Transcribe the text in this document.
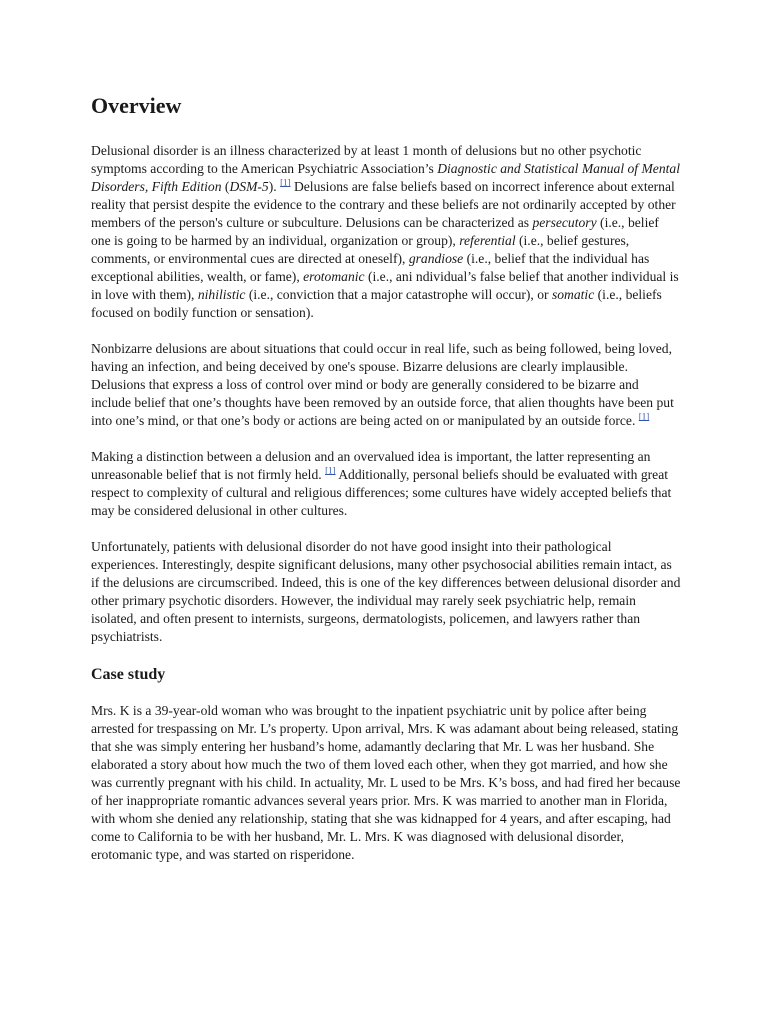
Overview

Delusional disorder is an illness characterized by at least 1 month of delusions but no other psychotic symptoms according to the American Psychiatric Association’s Diagnostic and Statistical Manual of Mental Disorders, Fifth Edition (DSM-5). [1] Delusions are false beliefs based on incorrect inference about external reality that persist despite the evidence to the contrary and these beliefs are not ordinarily accepted by other members of the person's culture or subculture. Delusions can be characterized as persecutory (i.e., belief one is going to be harmed by an individual, organization or group), referential (i.e., belief gestures, comments, or environmental cues are directed at oneself), grandiose (i.e., belief that the individual has exceptional abilities, wealth, or fame), erotomanic (i.e., ani ndividual’s false belief that another individual is in love with them), nihilistic (i.e., conviction that a major catastrophe will occur), or somatic (i.e., beliefs focused on bodily function or sensation).

Nonbizarre delusions are about situations that could occur in real life, such as being followed, being loved, having an infection, and being deceived by one's spouse. Bizarre delusions are clearly implausible. Delusions that express a loss of control over mind or body are generally considered to be bizarre and include belief that one’s thoughts have been removed by an outside force, that alien thoughts have been put into one’s mind, or that one’s body or actions are being acted on or manipulated by an outside force. [1]

Making a distinction between a delusion and an overvalued idea is important, the latter representing an unreasonable belief that is not firmly held. [1] Additionally, personal beliefs should be evaluated with great respect to complexity of cultural and religious differences; some cultures have widely accepted beliefs that may be considered delusional in other cultures.

Unfortunately, patients with delusional disorder do not have good insight into their pathological experiences. Interestingly, despite significant delusions, many other psychosocial abilities remain intact, as if the delusions are circumscribed. Indeed, this is one of the key differences between delusional disorder and other primary psychotic disorders. However, the individual may rarely seek psychiatric help, remain isolated, and often present to internists, surgeons, dermatologists, policemen, and lawyers rather than psychiatrists.

Case study

Mrs. K is a 39-year-old woman who was brought to the inpatient psychiatric unit by police after being arrested for trespassing on Mr. L’s property. Upon arrival, Mrs. K was adamant about being released, stating that she was simply entering her husband’s home, adamantly declaring that Mr. L was her husband. She elaborated a story about how much the two of them loved each other, when they got married, and how she was currently pregnant with his child. In actuality, Mr. L used to be Mrs. K’s boss, and had fired her because of her inappropriate romantic advances several years prior. Mrs. K was married to another man in Florida, with whom she denied any relationship, stating that she was kidnapped for 4 years, and after escaping, had come to California to be with her husband, Mr. L. Mrs. K was diagnosed with delusional disorder, erotomanic type, and was started on risperidone.
